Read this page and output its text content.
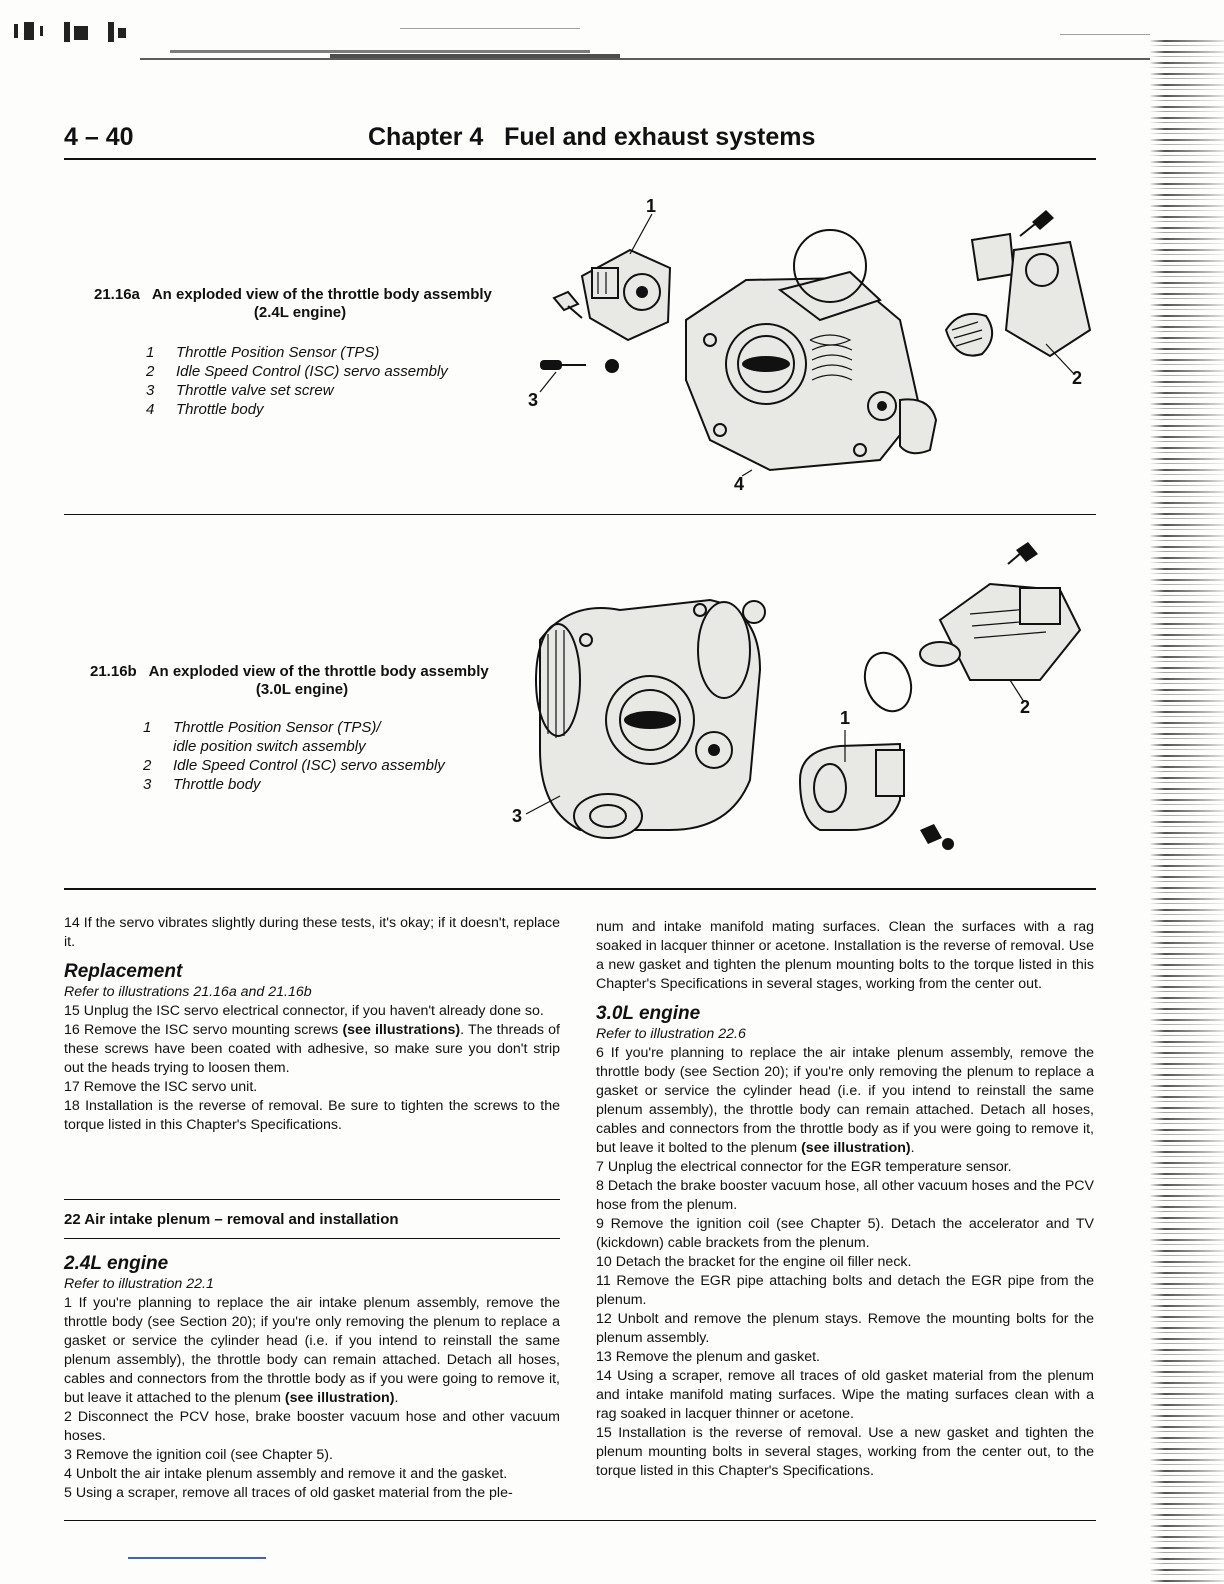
4 – 40	Chapter 4   Fuel and exhaust systems
21.16a An exploded view of the throttle body assembly
(2.4L engine)
1 Throttle Position Sensor (TPS)
2 Idle Speed Control (ISC) servo assembly
3 Throttle valve set screw
4 Throttle body
1
2
3
4
21.16b An exploded view of the throttle body assembly
(3.0L engine)
1 Throttle Position Sensor (TPS)/
idle position switch assembly
2 Idle Speed Control (ISC) servo assembly
3 Throttle body
1
2
3

14 If the servo vibrates slightly during these tests, it's okay; if it doesn't, replace it.

Replacement

Refer to illustrations 21.16a and 21.16b

15 Unplug the ISC servo electrical connector, if you haven't already done so.

16 Remove the ISC servo mounting screws (see illustrations). The threads of these screws have been coated with adhesive, so make sure you don't strip out the heads trying to loosen them.

17 Remove the ISC servo unit.

18 Installation is the reverse of removal. Be sure to tighten the screws to the torque listed in this Chapter's Specifications.

22 Air intake plenum – removal and installation
2.4L engine

Refer to illustration 22.1

1 If you're planning to replace the air intake plenum assembly, remove the throttle body (see Section 20); if you're only removing the plenum to replace a gasket or service the cylinder head (i.e. if you intend to reinstall the same plenum assembly), the throttle body can remain attached. Detach all hoses, cables and connectors from the throttle body as if you were going to remove it, but leave it attached to the plenum (see illustration).

2 Disconnect the PCV hose, brake booster vacuum hose and other vacuum hoses.

3 Remove the ignition coil (see Chapter 5).

4 Unbolt the air intake plenum assembly and remove it and the gasket.

5 Using a scraper, remove all traces of old gasket material from the ple-

num and intake manifold mating surfaces. Clean the surfaces with a rag soaked in lacquer thinner or acetone. Installation is the reverse of removal. Use a new gasket and tighten the plenum mounting bolts to the torque listed in this Chapter's Specifications in several stages, working from the center out.

3.0L engine

Refer to illustration 22.6

6 If you're planning to replace the air intake plenum assembly, remove the throttle body (see Section 20); if you're only removing the plenum to replace a gasket or service the cylinder head (i.e. if you intend to reinstall the same plenum assembly), the throttle body can remain attached. Detach all hoses, cables and connectors from the throttle body as if you were going to remove it, but leave it bolted to the plenum (see illustration).

7 Unplug the electrical connector for the EGR temperature sensor.

8 Detach the brake booster vacuum hose, all other vacuum hoses and the PCV hose from the plenum.

9 Remove the ignition coil (see Chapter 5). Detach the accelerator and TV (kickdown) cable brackets from the plenum.

10 Detach the bracket for the engine oil filler neck.

11 Remove the EGR pipe attaching bolts and detach the EGR pipe from the plenum.

12 Unbolt and remove the plenum stays. Remove the mounting bolts for the plenum assembly.

13 Remove the plenum and gasket.

14 Using a scraper, remove all traces of old gasket material from the plenum and intake manifold mating surfaces. Wipe the mating surfaces clean with a rag soaked in lacquer thinner or acetone.

15 Installation is the reverse of removal. Use a new gasket and tighten the plenum mounting bolts in several stages, working from the center out, to the torque listed in this Chapter's Specifications.
